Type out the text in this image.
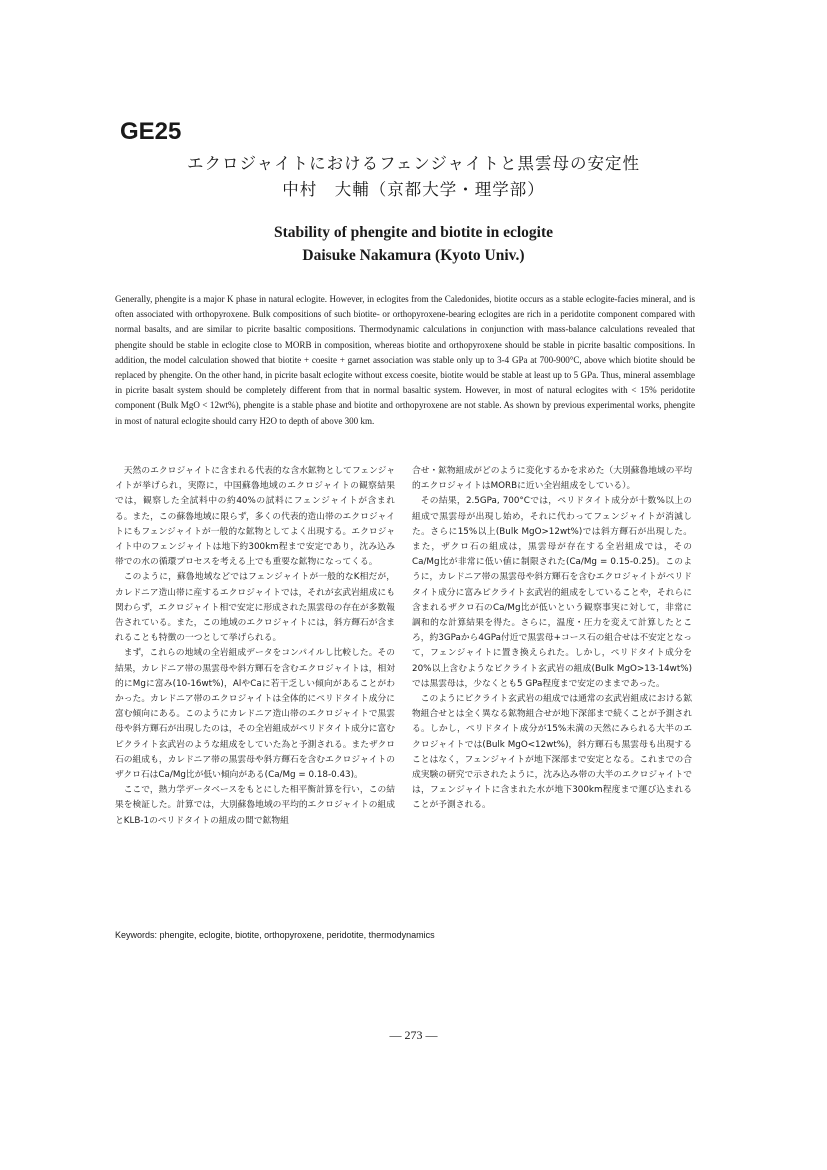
GE25
エクロジャイトにおけるフェンジャイトと黒雲母の安定性
中村　大輔（京都大学・理学部）
Stability of phengite and biotite in eclogite
Daisuke Nakamura (Kyoto Univ.)
Generally, phengite is a major K phase in natural eclogite. However, in eclogites from the Caledonides, biotite occurs as a stable eclogite-facies mineral, and is often associated with orthopyroxene. Bulk compositions of such biotite- or orthopyroxene-bearing eclogites are rich in a peridotite component compared with normal basalts, and are similar to picrite basaltic compositions. Thermodynamic calculations in conjunction with mass-balance calculations revealed that phengite should be stable in eclogite close to MORB in composition, whereas biotite and orthopyroxene should be stable in picrite basaltic compositions. In addition, the model calculation showed that biotite + coesite + garnet association was stable only up to 3-4 GPa at 700-900°C, above which biotite should be replaced by phengite. On the other hand, in picrite basalt eclogite without excess coesite, biotite would be stable at least up to 5 GPa. Thus, mineral assemblage in picrite basalt system should be completely different from that in normal basaltic system. However, in most of natural eclogites with < 15% peridotite component (Bulk MgO < 12wt%), phengite is a stable phase and biotite and orthopyroxene are not stable. As shown by previous experimental works, phengite in most of natural eclogite should carry H2O to depth of above 300 km.

天然のエクロジャイトに含まれる代表的な含水鉱物としてフェンジャイトが挙げられ，実際に，中国蘇魯地域のエクロジャイトの観察結果では，観察した全試料中の約40%の試料にフェンジャイトが含まれる。また，この蘇魯地域に限らず，多くの代表的造山帯のエクロジャイトにもフェンジャイトが一般的な鉱物としてよく出現する。エクロジャイト中のフェンジャイトは地下約300km程まで安定であり，沈み込み帯での水の循環プロセスを考える上でも重要な鉱物になってくる。

このように，蘇魯地域などではフェンジャイトが一般的なK相だが，カレドニア造山帯に産するエクロジャイトでは，それが玄武岩組成にも関わらず，エクロジャイト相で安定に形成された黒雲母の存在が多数報告されている。また，この地域のエクロジャイトには，斜方輝石が含まれることも特徴の一つとして挙げられる。

まず，これらの地域の全岩組成データをコンパイルし比較した。その結果，カレドニア帯の黒雲母や斜方輝石を含むエクロジャイトは，相対的にMgに富み(10-16wt%)，AlやCaに若干乏しい傾向があることがわかった。カレドニア帯のエクロジャイトは全体的にペリドタイト成分に富む傾向にある。このようにカレドニア造山帯のエクロジャイトで黒雲母や斜方輝石が出現したのは，その全岩組成がペリドタイト成分に富むピクライト玄武岩のような組成をしていた為と予測される。またザクロ石の組成も，カレドニア帯の黒雲母や斜方輝石を含むエクロジャイトのザクロ石はCa/Mg比が低い傾向がある(Ca/Mg = 0.18-0.43)。

ここで，熱力学データベースをもとにした相平衡計算を行い，この結果を検証した。計算では，大別蘇魯地域の平均的エクロジャイトの組成とKLB-1のペリドタイトの組成の間で鉱物組

合せ・鉱物組成がどのように変化するかを求めた（大別蘇魯地域の平均的エクロジャイトはMORBに近い全岩組成をしている）。

その結果，2.5GPa, 700°Cでは，ペリドタイト成分が十数%以上の組成で黒雲母が出現し始め，それに代わってフェンジャイトが消滅した。さらに15%以上(Bulk MgO>12wt%)では斜方輝石が出現した。また，ザクロ石の組成は，黒雲母が存在する全岩組成では，そのCa/Mg比が非常に低い値に制限された(Ca/Mg = 0.15-0.25)。このように，カレドニア帯の黒雲母や斜方輝石を含むエクロジャイトがペリドタイト成分に富みピクライト玄武岩的組成をしていることや，それらに含まれるザクロ石のCa/Mg比が低いという観察事実に対して，非常に調和的な計算結果を得た。さらに，温度・圧力を変えて計算したところ，約3GPaから4GPa付近で黒雲母+コース石の組合せは不安定となって，フェンジャイトに置き換えられた。しかし，ペリドタイト成分を20%以上含むようなピクライト玄武岩の組成(Bulk MgO>13-14wt%)では黒雲母は，少なくとも5 GPa程度まで安定のままであった。

このようにピクライト玄武岩の組成では通常の玄武岩組成における鉱物組合せとは全く異なる鉱物組合せが地下深部まで続くことが予測される。しかし，ペリドタイト成分が15%未満の天然にみられる大半のエクロジャイトでは(Bulk MgO<12wt%)，斜方輝石も黒雲母も出現することはなく，フェンジャイトが地下深部まで安定となる。これまでの合成実験の研究で示されたように，沈み込み帯の大半のエクロジャイトでは，フェンジャイトに含まれた水が地下300km程度まで運び込まれることが予測される。

Keywords: phengite, eclogite, biotite, orthopyroxene, peridotite, thermodynamics
— 273 —
